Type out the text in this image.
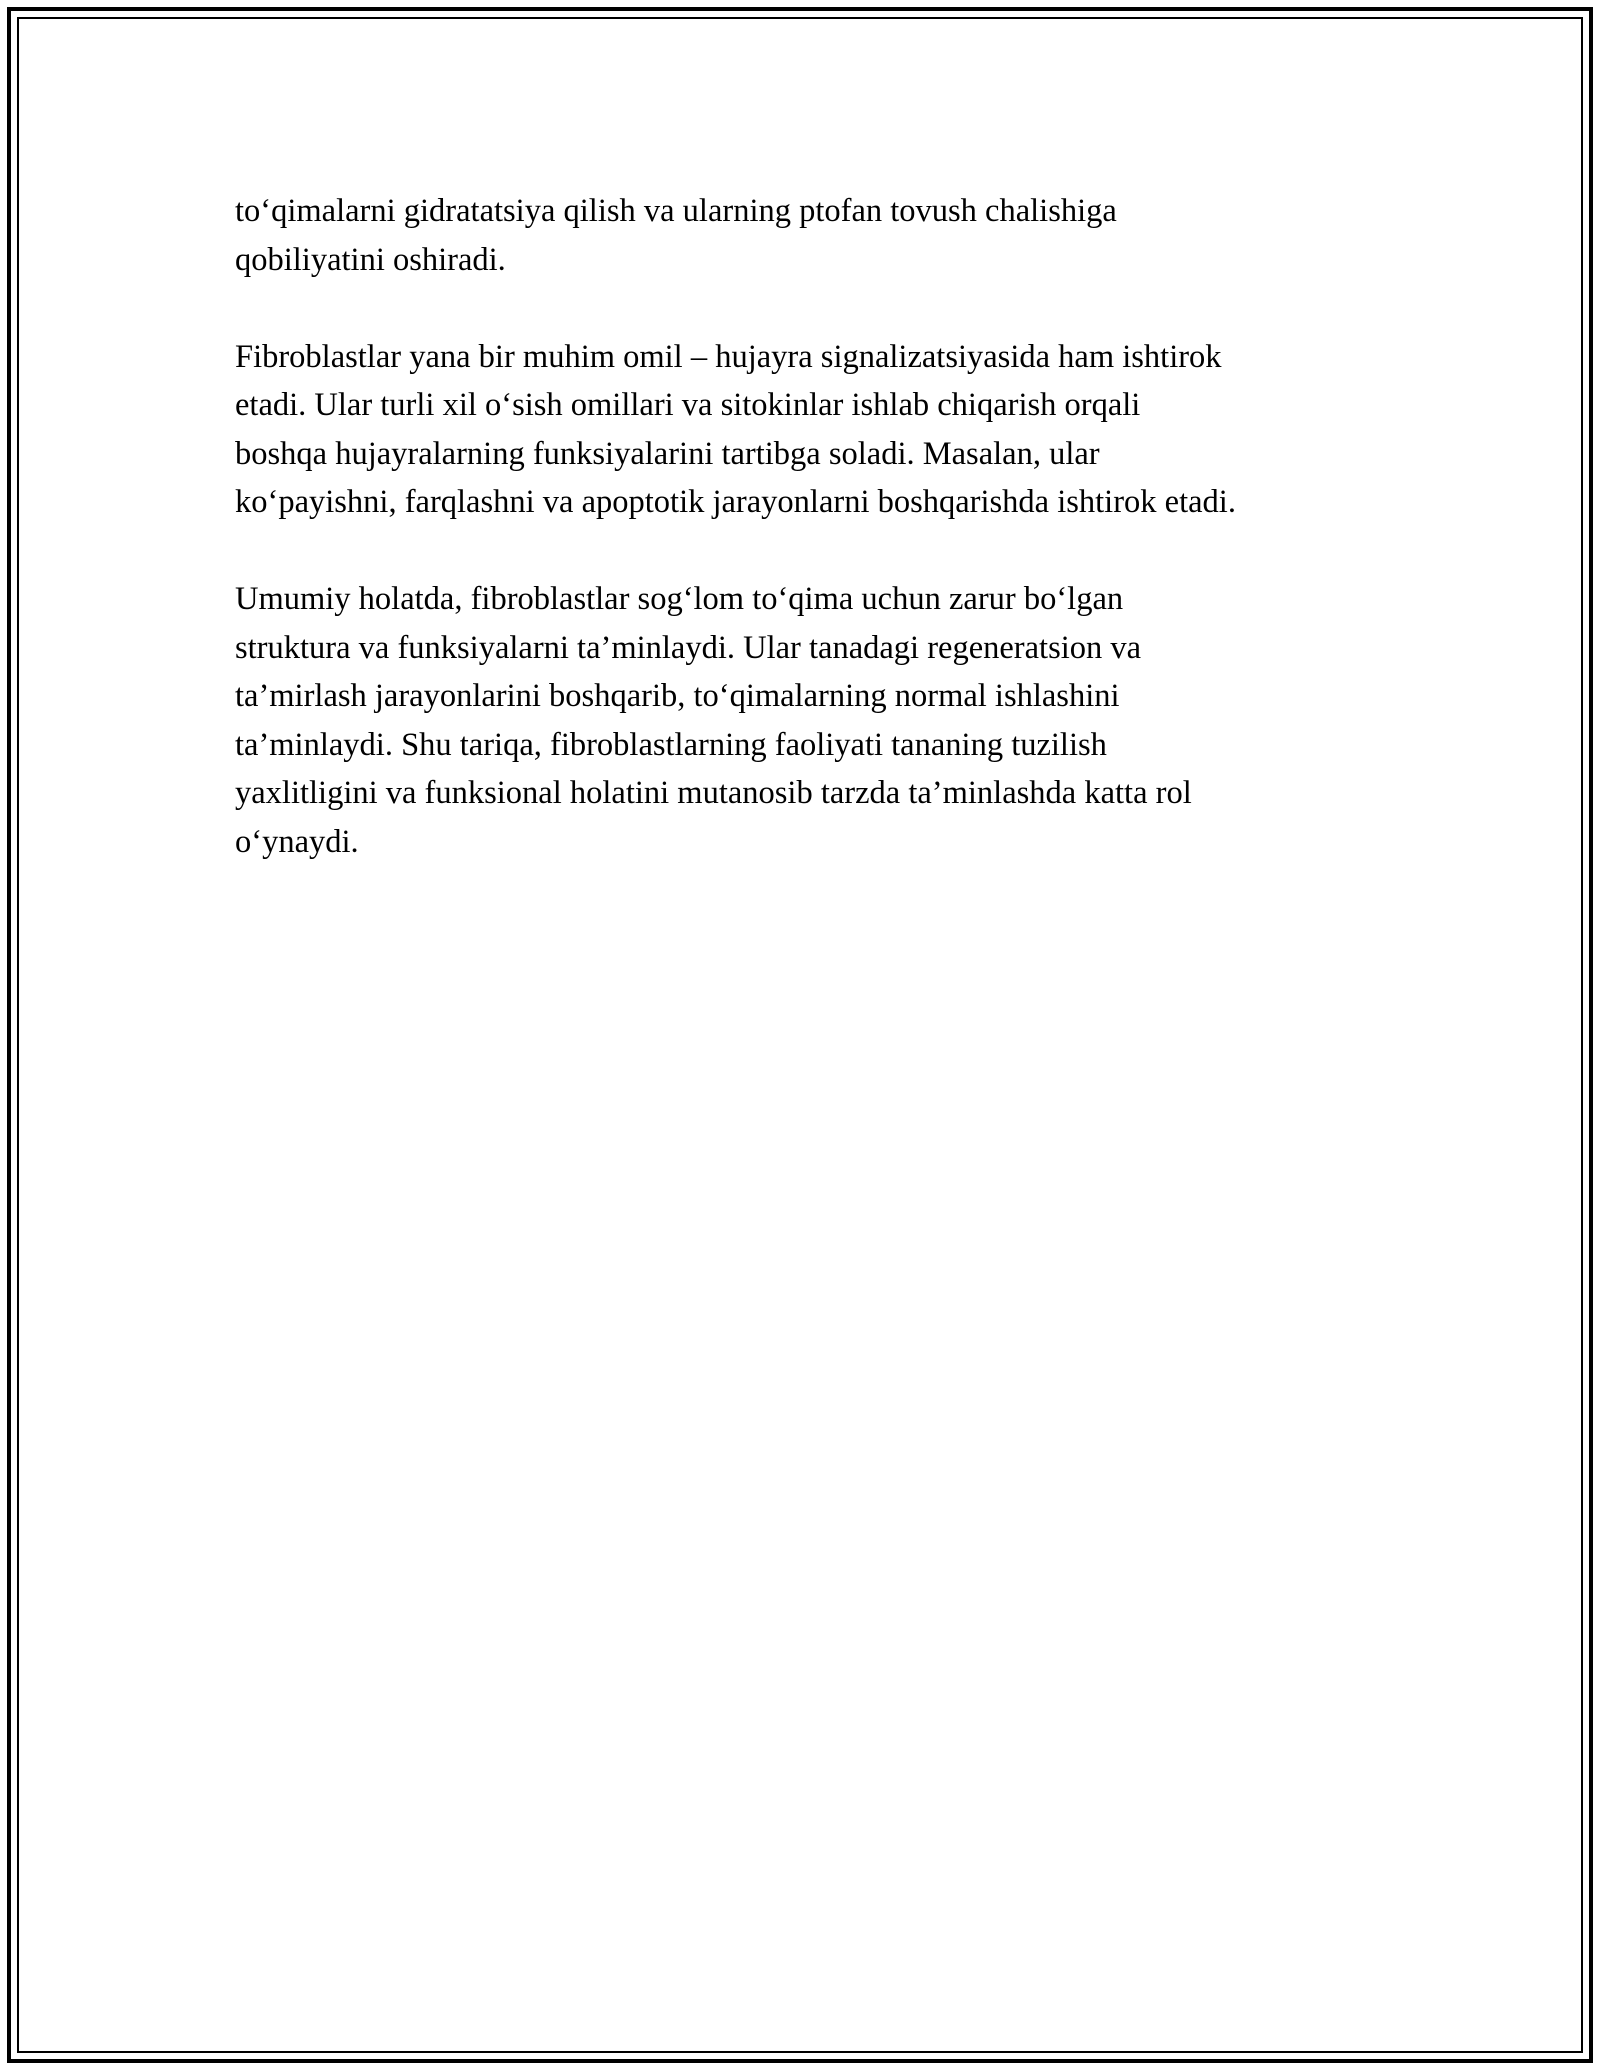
to‘qimalarni gidratatsiya qilish va ularning ptofan tovush chalishiga
qobiliyatini oshiradi.

Fibroblastlar yana bir muhim omil – hujayra signalizatsiyasida ham ishtirok
etadi. Ular turli xil o‘sish omillari va sitokinlar ishlab chiqarish orqali
boshqa hujayralarning funksiyalarini tartibga soladi. Masalan, ular
ko‘payishni, farqlashni va apoptotik jarayonlarni boshqarishda ishtirok etadi.

Umumiy holatda, fibroblastlar sog‘lom to‘qima uchun zarur bo‘lgan
struktura va funksiyalarni ta’minlaydi. Ular tanadagi regeneratsion va
ta’mirlash jarayonlarini boshqarib, to‘qimalarning normal ishlashini
ta’minlaydi. Shu tariqa, fibroblastlarning faoliyati tananing tuzilish
yaxlitligini va funksional holatini mutanosib tarzda ta’minlashda katta rol
o‘ynaydi.
